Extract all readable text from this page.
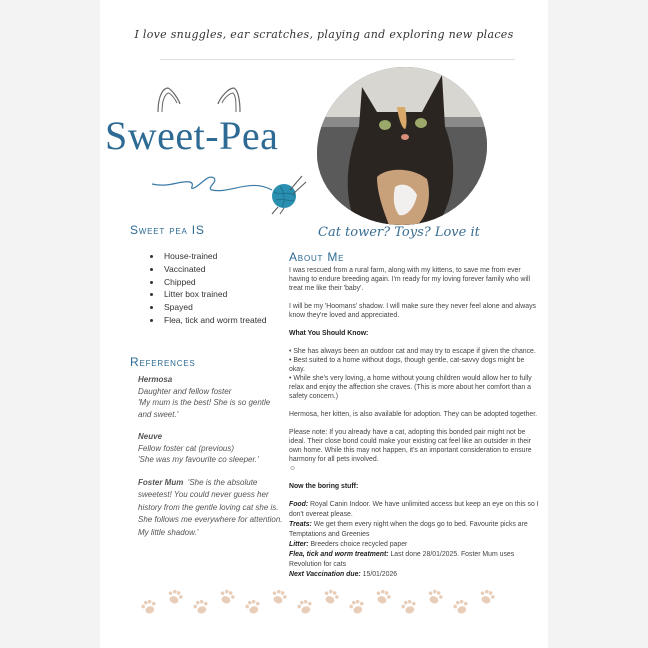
I love snuggles, ear scratches, playing and exploring new places
Sweet-Pea
Cat tower? Toys? Love it
Sweet pea IS
• House-trained
• Vaccinated
• Chipped
• Litter box trained
• Spayed
• Flea, tick and worm treated
References
Hermosa
Daughter and fellow foster
'My mum is the best! She is so gentle and sweet.'
Neuve
Fellow foster cat (previous)
'She was my favourite co sleeper.'
Foster Mum 'She is the absolute sweetest! You could never guess her history from the gentle loving cat she is. She follows me everywhere for attention. My little shadow.'
About Me

I was rescued from a rural farm, along with my kittens, to save me from ever having to endure breeding again. I'm ready for my loving forever family who will treat me like their 'baby'.

I will be my 'Hoomans' shadow. I will make sure they never feel alone and always know they're loved and appreciated.

What You Should Know:

• She has always been an outdoor cat and may try to escape if given the chance.
• Best suited to a home without dogs, though gentle, cat-savvy dogs might be okay.
• While she's very loving, a home without young children would allow her to fully relax and enjoy the affection she craves. (This is more about her comfort than a safety concern.)

Hermosa, her kitten, is also available for adoption. They can be adopted together.

Please note: If you already have a cat, adopting this bonded pair might not be ideal. Their close bond could make your existing cat feel like an outsider in their own home. While this may not happen, it's an important consideration to ensure harmony for all pets involved.

☺

Now the boring stuff:

Food: Royal Canin Indoor. We have unlimited access but keep an eye on this so I don't overeat please.
Treats: We get them every night when the dogs go to bed. Favourite picks are Temptations and Greenies
Litter: Breeders choice recycled paper
Flea, tick and worm treatment: Last done 28/01/2025. Foster Mum uses Revolution for cats
Next Vaccination due: 15/01/2026
